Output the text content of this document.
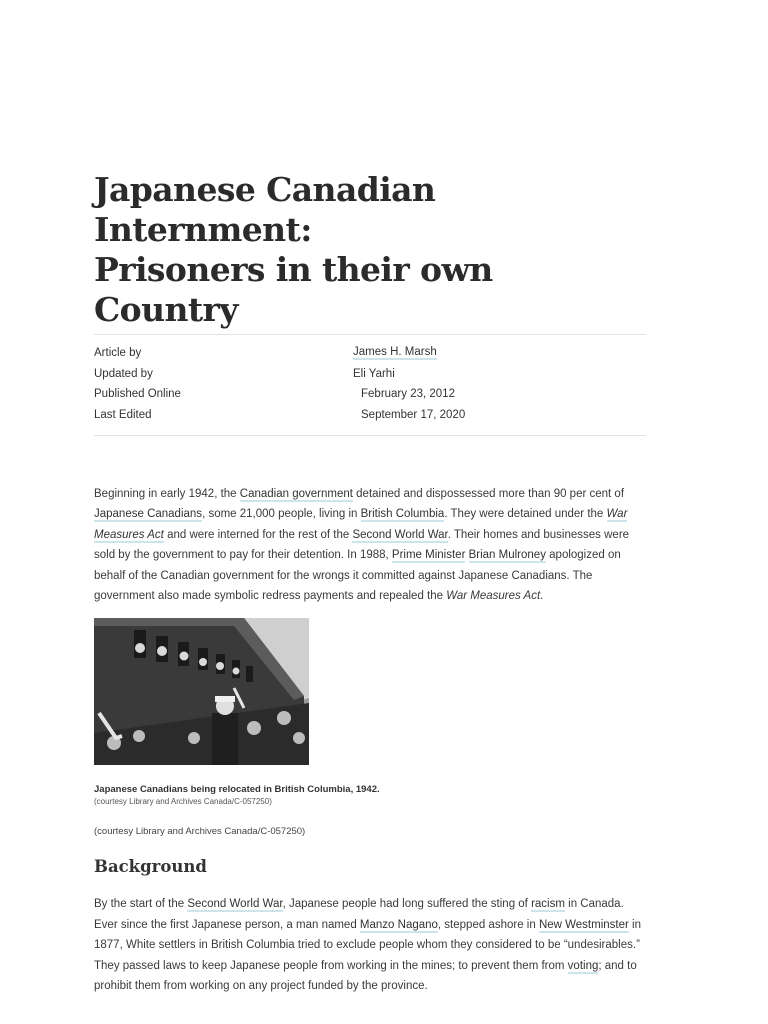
Japanese Canadian Internment:
Prisoners in their own Country
Article by	James H. Marsh
Updated by	Eli Yarhi
Published Online	February 23, 2012
Last Edited	September 17, 2020

Beginning in early 1942, the Canadian government detained and dispossessed more than 90 per cent of Japanese Canadians, some 21,000 people, living in British Columbia. They were detained under the War Measures Act and were interned for the rest of the Second World War. Their homes and businesses were sold by the government to pay for their detention. In 1988, Prime Minister Brian Mulroney apologized on behalf of the Canadian government for the wrongs it committed against Japanese Canadians. The government also made symbolic redress payments and repealed the War Measures Act.

Japanese Canadians being relocated in British Columbia, 1942.
(courtesy Library and Archives Canada/C-057250)
(courtesy Library and Archives Canada/C-057250)
Background

By the start of the Second World War, Japanese people had long suffered the sting of racism in Canada. Ever since the first Japanese person, a man named Manzo Nagano, stepped ashore in New Westminster in 1877, White settlers in British Columbia tried to exclude people whom they considered to be “undesirables.” They passed laws to keep Japanese people from working in the mines; to prevent them from voting; and to prohibit them from working on any project funded by the province.
